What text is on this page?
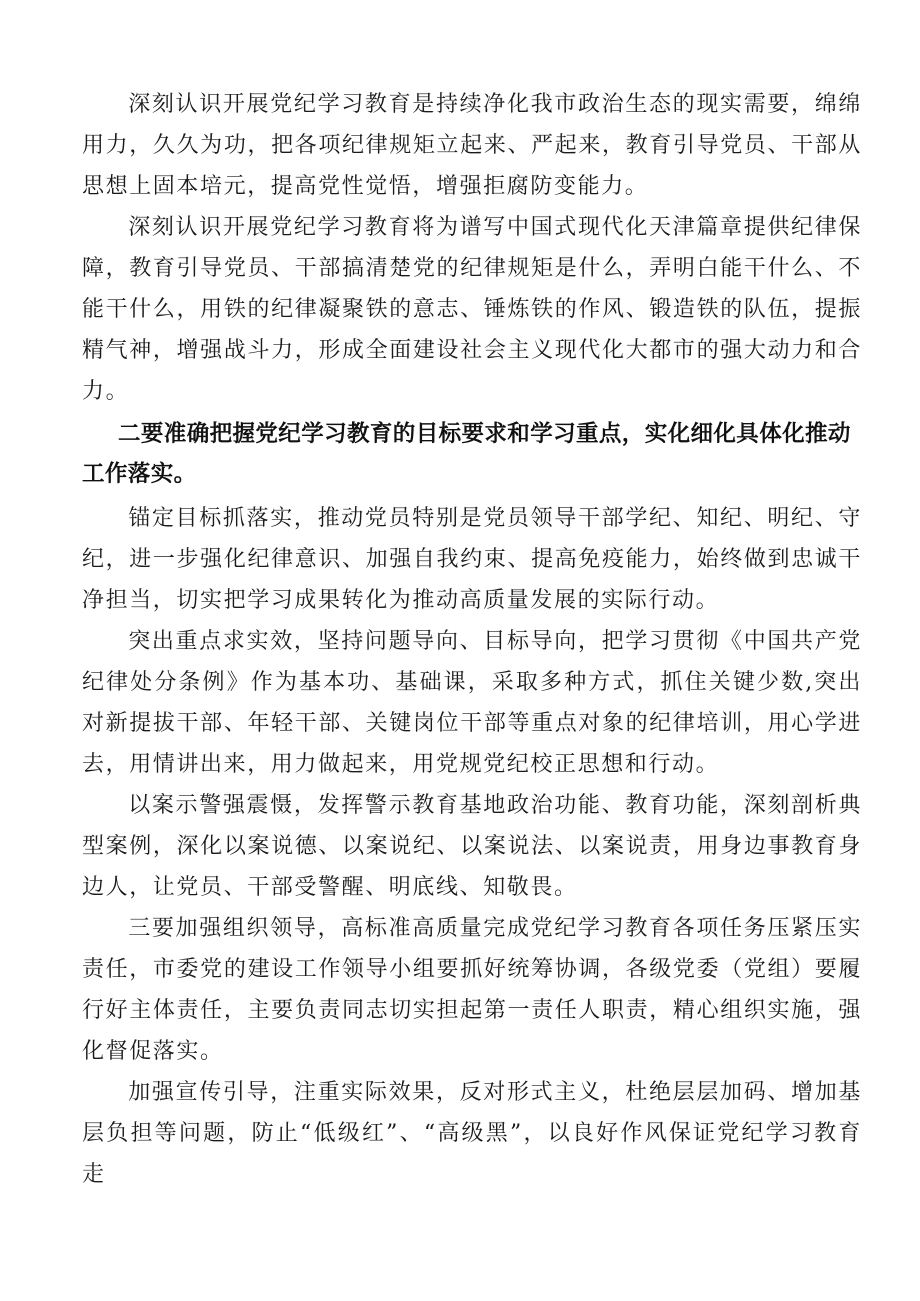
深刻认识开展党纪学习教育是持续净化我市政治生态的现实需要，绵绵用力，久久为功，把各项纪律规矩立起来、严起来，教育引导党员、干部从思想上固本培元，提高党性觉悟，增强拒腐防变能力。

深刻认识开展党纪学习教育将为谱写中国式现代化天津篇章提供纪律保障，教育引导党员、干部搞清楚党的纪律规矩是什么，弄明白能干什么、不能干什么，用铁的纪律凝聚铁的意志、锤炼铁的作风、锻造铁的队伍，提振精气神，增强战斗力，形成全面建设社会主义现代化大都市的强大动力和合力。

二要准确把握党纪学习教育的目标要求和学习重点，实化细化具体化推动工作落实。

锚定目标抓落实，推动党员特别是党员领导干部学纪、知纪、明纪、守纪，进一步强化纪律意识、加强自我约束、提高免疫能力，始终做到忠诚干净担当，切实把学习成果转化为推动高质量发展的实际行动。

突出重点求实效，坚持问题导向、目标导向，把学习贯彻《中国共产党纪律处分条例》作为基本功、基础课，采取多种方式，抓住关键少数,突出对新提拔干部、年轻干部、关键岗位干部等重点对象的纪律培训，用心学进去，用情讲出来，用力做起来，用党规党纪校正思想和行动。

以案示警强震慑，发挥警示教育基地政治功能、教育功能，深刻剖析典型案例，深化以案说德、以案说纪、以案说法、以案说责，用身边事教育身边人，让党员、干部受警醒、明底线、知敬畏。

三要加强组织领导，高标准高质量完成党纪学习教育各项任务压紧压实责任，市委党的建设工作领导小组要抓好统筹协调，各级党委（党组）要履行好主体责任，主要负责同志切实担起第一责任人职责，精心组织实施，强化督促落实。

加强宣传引导，注重实际效果，反对形式主义，杜绝层层加码、增加基层负担等问题，防止“低级红”、“高级黑”，以良好作风保证党纪学习教育走
